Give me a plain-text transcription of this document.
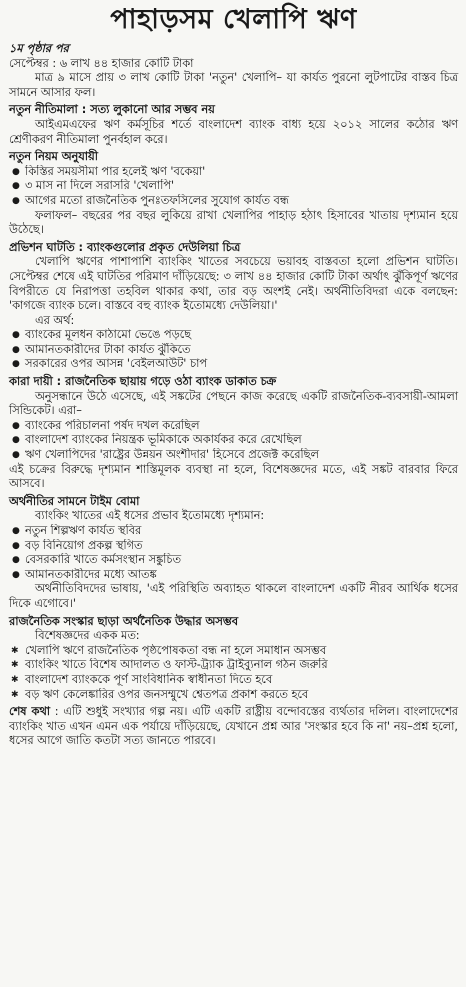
পাহাড়সম খেলাপি ঋণ
১ম পৃষ্ঠার পর
সেপ্টেম্বর : ৬ লাখ ৪৪ হাজার কোটি টাকা
মাত্র ৯ মাসে প্রায় ৩ লাখ কোটি টাকা 'নতুন' খেলাপি– যা কার্যত পুরনো লুটপাটের বাস্তব চিত্র সামনে আসার ফল।
নতুন নীতিমালা : সত্য লুকানো আর সম্ভব নয়
আইএমএফের ঋণ কর্মসূচির শর্তে বাংলাদেশ ব্যাংক বাধ্য হয়ে ২০১২ সালের কঠোর ঋণ শ্রেণীকরণ নীতিমালা পুনর্বহাল করে।
নতুন নিয়ম অনুযায়ী
● কিস্তির সময়সীমা পার হলেই ঋণ 'বকেয়া'
● ৩ মাস না দিলে সরাসরি 'খেলাপি'
● আগের মতো রাজনৈতিক পুনঃতফসিলের সুযোগ কার্যত বন্ধ
ফলাফল– বছরের পর বছর লুকিয়ে রাখা খেলাপির পাহাড় হঠাৎ হিসাবের খাতায় দৃশ্যমান হয়ে উঠেছে।
প্রভিশন ঘাটতি : ব্যাংকগুলোর প্রকৃত দেউলিয়া চিত্র
খেলাপি ঋণের পাশাপাশি ব্যাংকিং খাতের সবচেয়ে ভয়াবহ বাস্তবতা হলো প্রভিশন ঘাটতি। সেপ্টেম্বর শেষে এই ঘাটতির পরিমাণ দাঁড়িয়েছে: ৩ লাখ ৪৪ হাজার কোটি টাকা অর্থাৎ ঝুঁকিপূর্ণ ঋণের বিপরীতে যে নিরাপত্তা তহবিল থাকার কথা, তার বড় অংশই নেই। অর্থনীতিবিদরা একে বলছেন: 'কাগজে ব্যাংক চলে। বাস্তবে বহু ব্যাংক ইতোমধ্যে দেউলিয়া।'
এর অর্থ:
● ব্যাংকের মূলধন কাঠামো ভেঙে পড়ছে
● আমানতকারীদের টাকা কার্যত ঝুঁকিতে
● সরকারের ওপর আসন্ন 'বেইলআউট' চাপ
কারা দায়ী : রাজনৈতিক ছায়ায় গড়ে ওঠা ব্যাংক ডাকাত চক্র
অনুসন্ধানে উঠে এসেছে, এই সঙ্কটের পেছনে কাজ করেছে একটি রাজনৈতিক-ব্যবসায়ী-আমলা সিন্ডিকেট। এরা–
● ব্যাংকের পরিচালনা পর্ষদ দখল করেছিল
● বাংলাদেশ ব্যাংকের নিয়ন্ত্রক ভূমিকাকে অকার্যকর করে রেখেছিল
● ঋণ খেলাপিদের 'রাষ্ট্রের উন্নয়ন অংশীদার' হিসেবে প্রজেক্ট করেছিল
এই চক্রের বিরুদ্ধে দৃশ্যমান শাস্তিমূলক ব্যবস্থা না হলে, বিশেষজ্ঞদের মতে, এই সঙ্কট বারবার ফিরে আসবে।
অর্থনীতির সামনে টাইম বোমা
ব্যাংকিং খাতের এই ধসের প্রভাব ইতোমধ্যে দৃশ্যমান:
● নতুন শিল্পঋণ কার্যত স্থবির
● বড় বিনিয়োগ প্রকল্প স্থগিত
● বেসরকারি খাতে কর্মসংস্থান সঙ্কুচিত
● আমানতকারীদের মধ্যে আতঙ্ক
অর্থনীতিবিদদের ভাষায়, 'এই পরিস্থিতি অব্যাহত থাকলে বাংলাদেশ একটি নীরব আর্থিক ধসের দিকে এগোবে।'
রাজনৈতিক সংস্কার ছাড়া অর্থনৈতিক উদ্ধার অসম্ভব
বিশেষজ্ঞদের একক মত:
✱ খেলাপি ঋণে রাজনৈতিক পৃষ্ঠপোষকতা বন্ধ না হলে সমাধান অসম্ভব
✱ ব্যাংকিং খাতে বিশেষ আদালত ও ফাস্ট-ট্র্যাক ট্রাইব্যুনাল গঠন জরুরি
✱ বাংলাদেশ ব্যাংককে পূর্ণ সাংবিধানিক স্বাধীনতা দিতে হবে
✱ বড় ঋণ কেলেঙ্কারির ওপর জনসম্মুখে শ্বেতপত্র প্রকাশ করতে হবে
শেষ কথা : এটি শুধুই সংখ্যার গল্প নয়। এটি একটি রাষ্ট্রীয় বন্দোবস্তের ব্যর্থতার দলিল। বাংলাদেশের ব্যাংকিং খাত এখন এমন এক পর্যায়ে দাঁড়িয়েছে, যেখানে প্রশ্ন আর 'সংস্কার হবে কি না' নয়–প্রশ্ন হলো, ধসের আগে জাতি কতটা সত্য জানতে পারবে।
